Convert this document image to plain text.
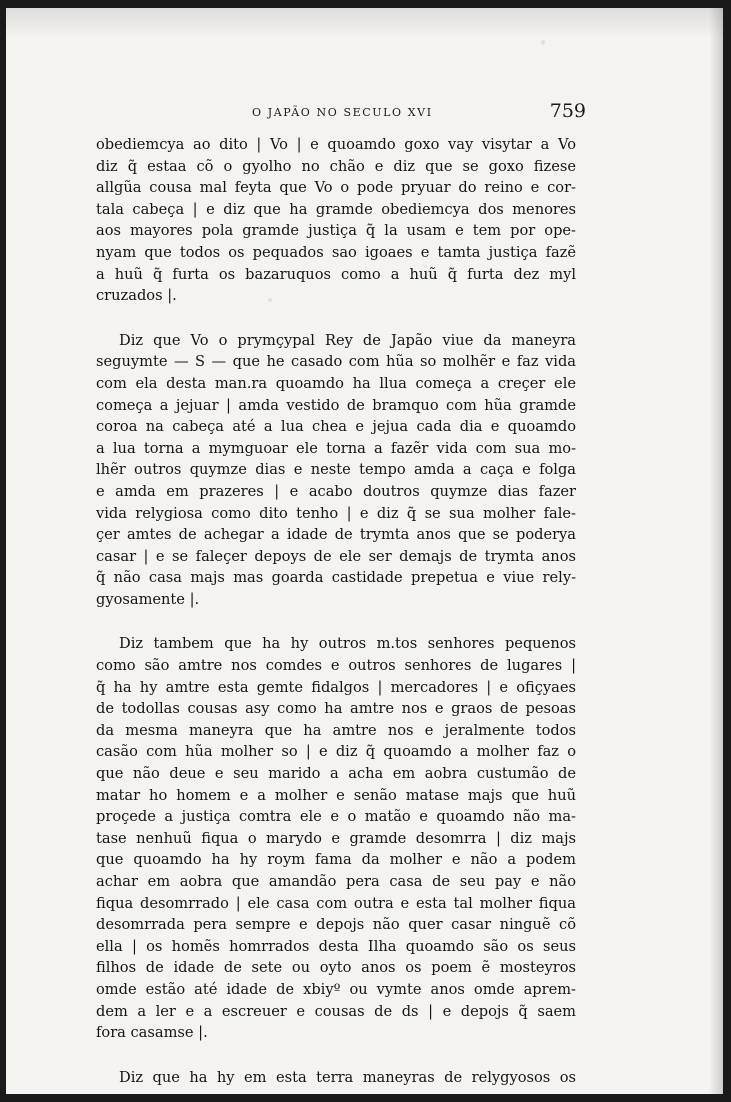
O JAPÃO NO SECULO XVI	759
obediemcya ao dito | Vo | e quoamdo goxo vay visytar a Vo
diz q̃ estaa cõ o gyolho no chão e diz que se goxo fizese
allgũa cousa mal feyta que Vo o pode pryuar do reino e cor-
tala cabeça | e diz que ha gramde obediemcya dos menores
aos mayores pola gramde justiça q̃ la usam e tem por ope-
nyam que todos os pequados sao igoaes e tamta justiça fazẽ
a huũ q̃ furta os bazaruquos como a huũ q̃ furta dez myl
cruzados |.
Diz que Vo o prymçypal Rey de Japão viue da maneyra
seguymte — S — que he casado com hũa so molhẽr e faz vida
com ela desta man.ra quoamdo ha llua começa a creçer ele
começa a jejuar | amda vestido de bramquo com hũa gramde
coroa na cabeça até a lua chea e jejua cada dia e quoamdo
a lua torna a mymguoar ele torna a fazẽr vida com sua mo-
lhẽr outros quymze dias e neste tempo amda a caça e folga
e amda em prazeres | e acabo doutros quymze dias fazer
vida relygiosa como dito tenho | e diz q̃ se sua molher fale-
çer amtes de achegar a idade de trymta anos que se poderya
casar | e se faleçer depoys de ele ser demajs de trymta anos
q̃ não casa majs mas goarda castidade prepetua e viue rely-
gyosamente |.
Diz tambem que ha hy outros m.tos senhores pequenos
como são amtre nos comdes e outros senhores de lugares |
q̃ ha hy amtre esta gemte fidalgos | mercadores | e ofiçyaes
de todollas cousas asy como ha amtre nos e graos de pesoas
da mesma maneyra que ha amtre nos e jeralmente todos
casão com hũa molher so | e diz q̃ quoamdo a molher faz o
que não deue e seu marido a acha em aobra custumão de
matar ho homem e a molher e senão matase majs que huũ
proçede a justiça comtra ele e o matão e quoamdo não ma-
tase nenhuũ fiqua o marydo e gramde desomrra | diz majs
que quoamdo ha hy roym fama da molher e não a podem
achar em aobra que amandão pera casa de seu pay e não
fiqua desomrrado | ele casa com outra e esta tal molher fiqua
desomrrada pera sempre e depojs não quer casar ninguẽ cõ
ella | os homẽs homrrados desta Ilha quoamdo são os seus
filhos de idade de sete ou oyto anos os poem ẽ mosteyros
omde estão até idade de xbiyº ou vymte anos omde aprem-
dem a ler e a escreuer e cousas de ds | e depojs q̃ saem
fora casamse |.
Diz que ha hy em esta terra maneyras de relygyosos os
